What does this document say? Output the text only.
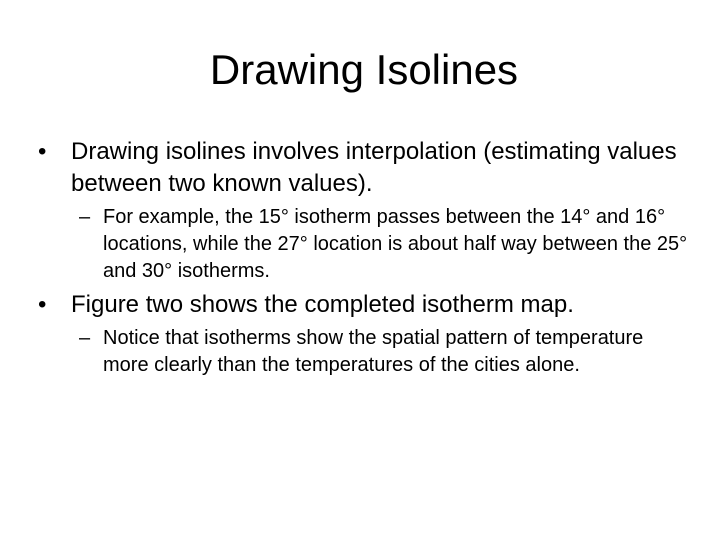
Drawing Isolines
• Drawing isolines involves interpolation (estimating values between two known values).
– For example, the 15° isotherm passes between the 14° and 16° locations, while the 27° location is about half way between the 25° and 30° isotherms.
• Figure two shows the completed isotherm map.
– Notice that isotherms show the spatial pattern of temperature more clearly than the temperatures of the cities alone.
